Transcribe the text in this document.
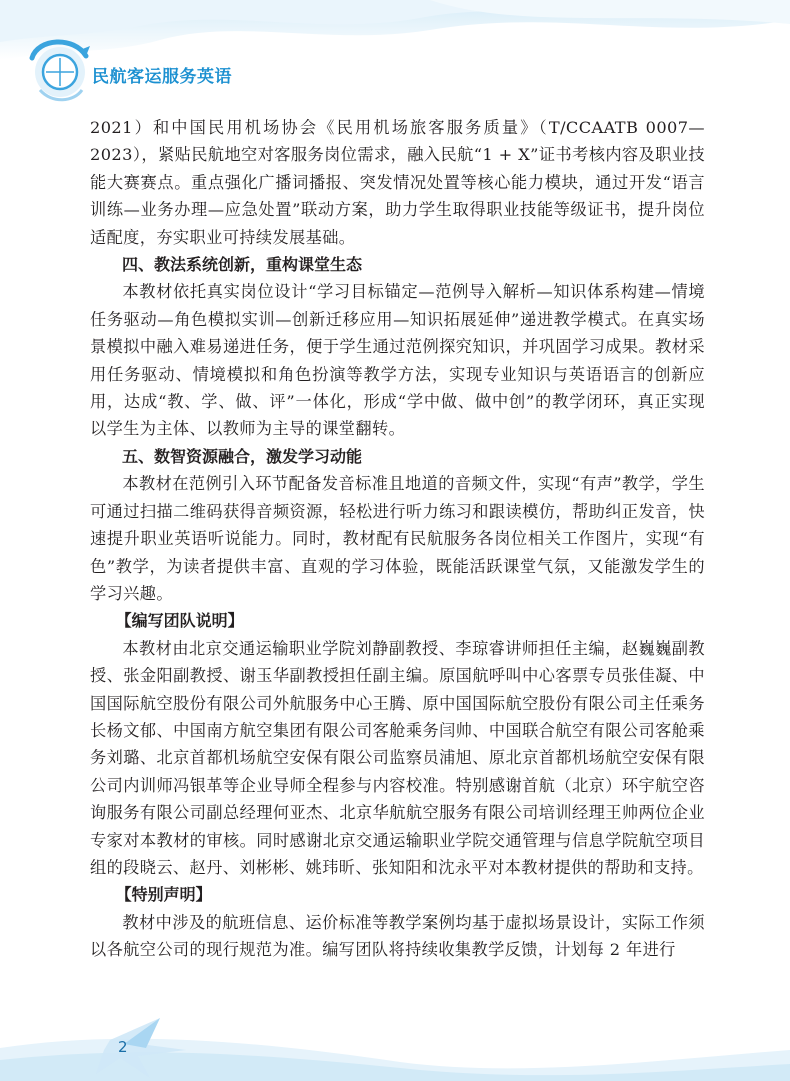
民航客运服务英语

2021）和中国民用机场协会《民用机场旅客服务质量》（T/CCAATB 0007—2023），紧贴民航地空对客服务岗位需求，融入民航“1 + X”证书考核内容及职业技能大赛赛点。重点强化广播词播报、突发情况处置等核心能力模块，通过开发“语言训练—业务办理—应急处置”联动方案，助力学生取得职业技能等级证书，提升岗位适配度，夯实职业可持续发展基础。

四、教法系统创新，重构课堂生态

本教材依托真实岗位设计“学习目标锚定—范例导入解析—知识体系构建—情境任务驱动—角色模拟实训—创新迁移应用—知识拓展延伸”递进教学模式。在真实场景模拟中融入难易递进任务，便于学生通过范例探究知识，并巩固学习成果。教材采用任务驱动、情境模拟和角色扮演等教学方法，实现专业知识与英语语言的创新应用，达成“教、学、做、评”一体化，形成“学中做、做中创”的教学闭环，真正实现以学生为主体、以教师为主导的课堂翻转。

五、数智资源融合，激发学习动能

本教材在范例引入环节配备发音标准且地道的音频文件，实现“有声”教学，学生可通过扫描二维码获得音频资源，轻松进行听力练习和跟读模仿，帮助纠正发音，快速提升职业英语听说能力。同时，教材配有民航服务各岗位相关工作图片，实现“有色”教学，为读者提供丰富、直观的学习体验，既能活跃课堂气氛，又能激发学生的学习兴趣。

【编写团队说明】

本教材由北京交通运输职业学院刘静副教授、李琼睿讲师担任主编，赵巍巍副教授、张金阳副教授、谢玉华副教授担任副主编。原国航呼叫中心客票专员张佳凝、中国国际航空股份有限公司外航服务中心王腾、原中国国际航空股份有限公司主任乘务长杨文郁、中国南方航空集团有限公司客舱乘务闫帅、中国联合航空有限公司客舱乘务刘璐、北京首都机场航空安保有限公司监察员浦旭、原北京首都机场航空安保有限公司内训师冯银革等企业导师全程参与内容校准。特别感谢首航（北京）环宇航空咨询服务有限公司副总经理何亚杰、北京华航航空服务有限公司培训经理王帅两位企业专家对本教材的审核。同时感谢北京交通运输职业学院交通管理与信息学院航空项目组的段晓云、赵丹、刘彬彬、姚玮昕、张知阳和沈永平对本教材提供的帮助和支持。

【特别声明】

教材中涉及的航班信息、运价标准等教学案例均基于虚拟场景设计，实际工作须以各航空公司的现行规范为准。编写团队将持续收集教学反馈，计划每 2 年进行

2
